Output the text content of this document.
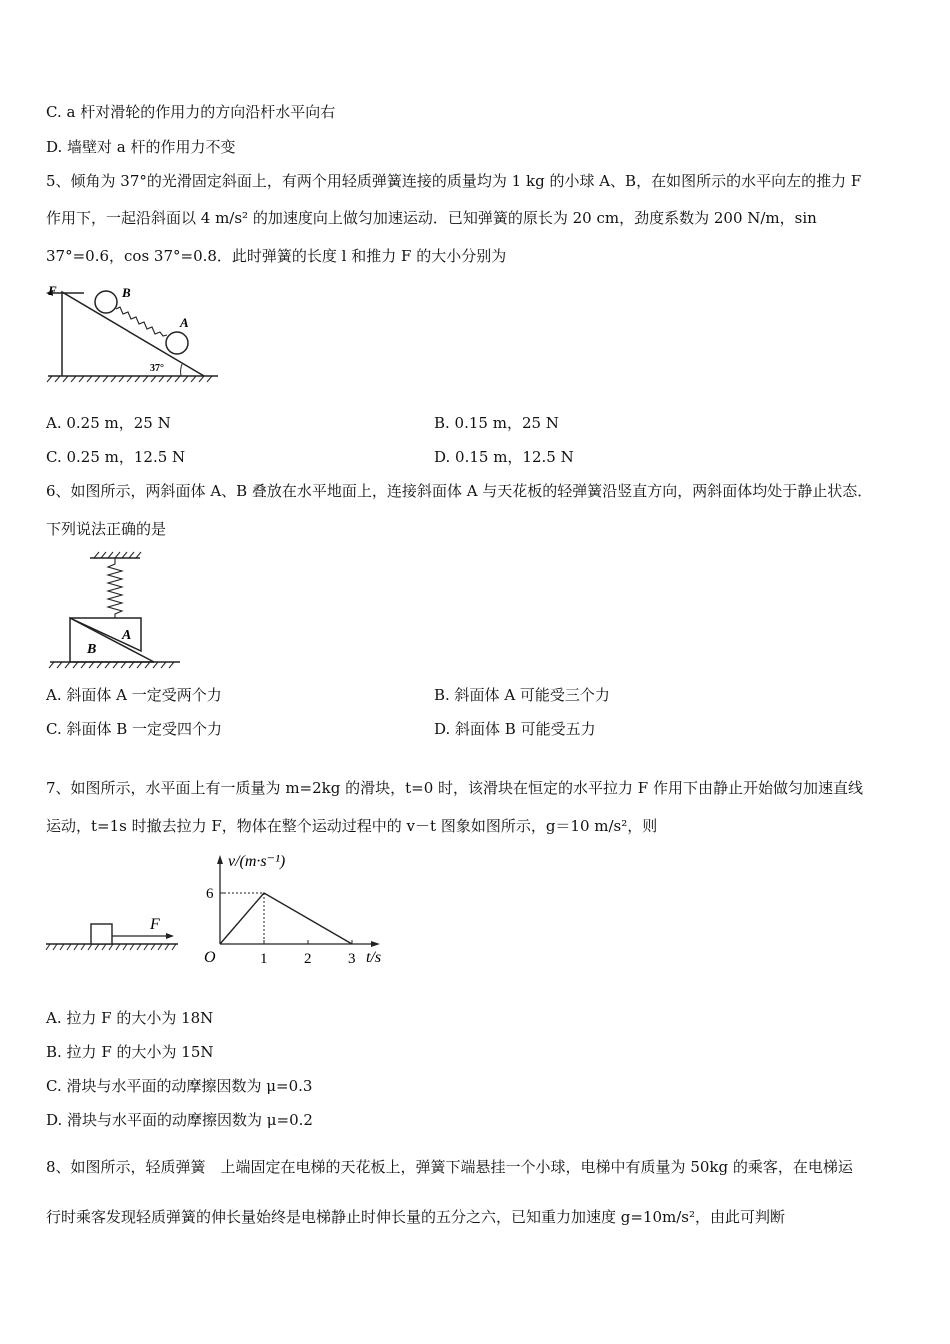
C. a 杆对滑轮的作用力的方向沿杆水平向右
D. 墙壁对 a 杆的作用力不变
5、倾角为 37°的光滑固定斜面上，有两个用轻质弹簧连接的质量均为 1 kg 的小球 A、B，在如图所示的水平向左的推力 F
作用下，一起沿斜面以 4 m/s² 的加速度向上做匀加速运动．已知弹簧的原长为 20 cm，劲度系数为 200 N/m，sin
37°=0.6，cos 37°=0.8．此时弹簧的长度 l 和推力 F 的大小分别为
F	B
A
37°
A. 0.25 m，25 N	B. 0.15 m，25 N
C. 0.25 m，12.5 N	D. 0.15 m，12.5 N
6、如图所示，两斜面体 A、B 叠放在水平地面上，连接斜面体 A 与天花板的轻弹簧沿竖直方向，两斜面体均处于静止状态．
下列说法正确的是
A
B
A. 斜面体 A 一定受两个力	B. 斜面体 A 可能受三个力
C. 斜面体 B 一定受四个力	D. 斜面体 B 可能受五力
7、如图所示，水平面上有一质量为 m=2kg 的滑块，t=0 时，该滑块在恒定的水平拉力 F 作用下由静止开始做匀加速直线
运动，t=1s 时撤去拉力 F，物体在整个运动过程中的 v－t 图象如图所示，g＝10 m/s²，则
F
v/(m·s⁻¹)
O	t/s
1 2 3
6
A. 拉力 F 的大小为 18N
B. 拉力 F 的大小为 15N
C. 滑块与水平面的动摩擦因数为 μ=0.3
D. 滑块与水平面的动摩擦因数为 μ=0.2
8、如图所示，轻质弹簧　上端固定在电梯的天花板上，弹簧下端悬挂一个小球，电梯中有质量为 50kg 的乘客，在电梯运
行时乘客发现轻质弹簧的伸长量始终是电梯静止时伸长量的五分之六，已知重力加速度 g=10m/s²，由此可判断
